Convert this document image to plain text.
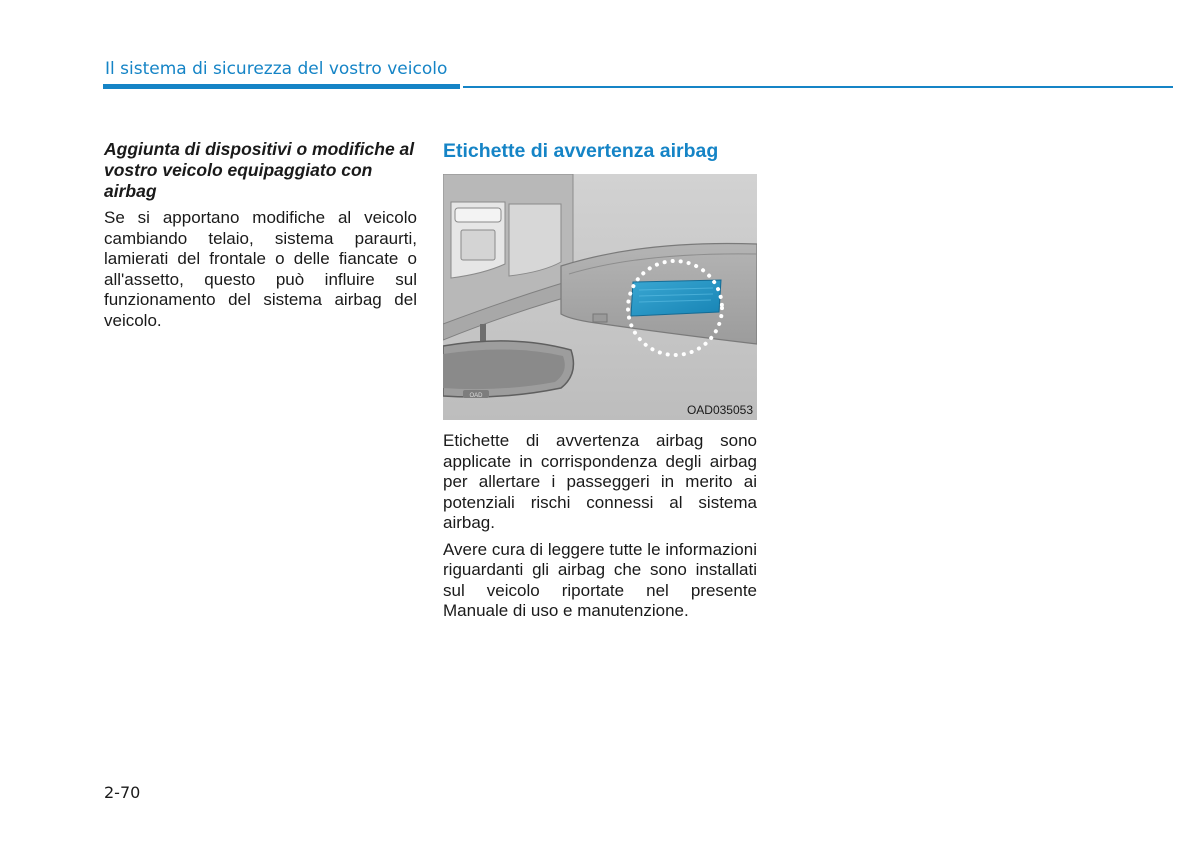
Il sistema di sicurezza del vostro veicolo
Aggiunta di dispositivi o modifiche al vostro veicolo equipaggiato con airbag

Se si apportano modifiche al veicolo cambiando telaio, sistema paraurti, lamierati del frontale o delle fiancate o all'assetto, questo può influire sul funzionamento del sistema airbag del veicolo.

Etichette di avvertenza airbag
OAD
OAD035053

Etichette di avvertenza airbag sono applicate in corrispondenza degli airbag per allertare i passeggeri in merito ai potenziali rischi connessi al sistema airbag.

Avere cura di leggere tutte le informazioni riguardanti gli airbag che sono installati sul veicolo riportate nel presente Manuale di uso e manutenzione.

2-70
